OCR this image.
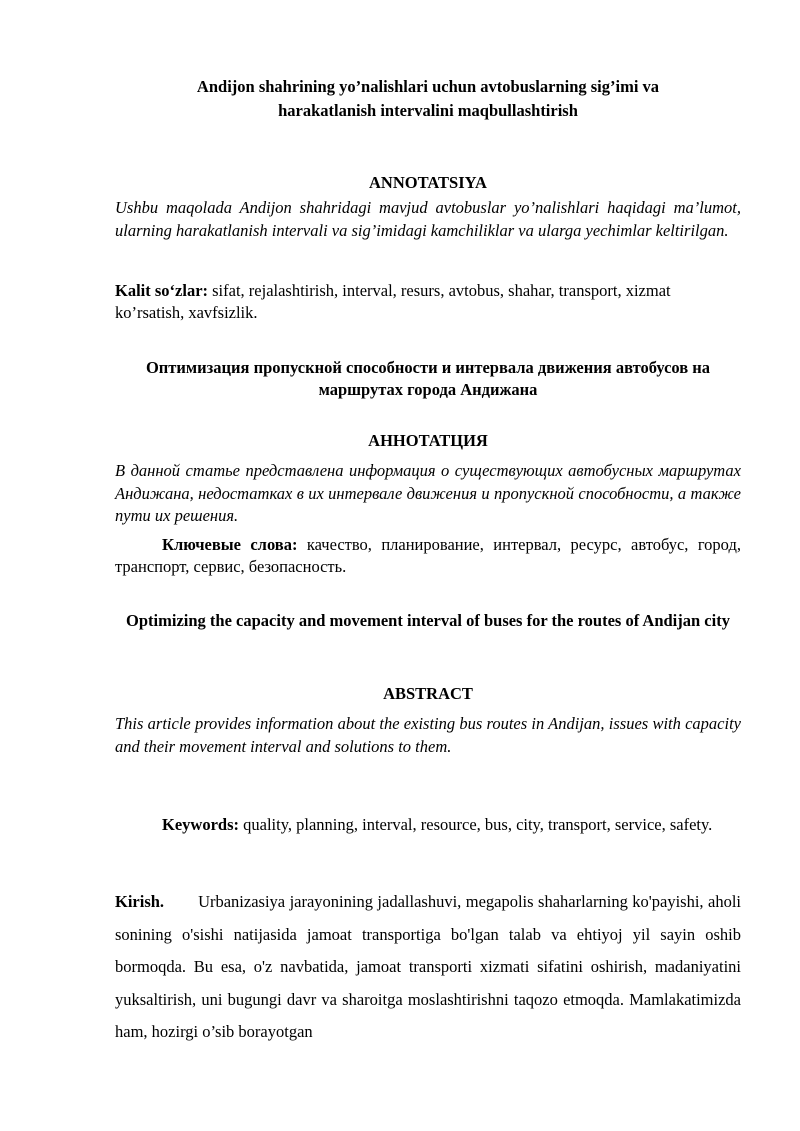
Andijon shahrining yo’nalishlari uchun avtobuslarning sig’imi va harakatlanish intervalini maqbullashtirish

ANNOTATSIYA

Ushbu maqolada Andijon shahridagi mavjud avtobuslar yo’nalishlari haqidagi ma’lumot, ularning harakatlanish intervali va sig’imidagi kamchiliklar va ularga yechimlar keltirilgan.

Kalit so‘zlar: sifat, rejalashtirish, interval, resurs, avtobus, shahar, transport, xizmat ko’rsatish, xavfsizlik.

Оптимизация пропускной способности и интервала движения автобусов на маршрутах города Андижана

АННОТАТЦИЯ

В данной статье представлена информация о существующих автобусных маршрутах Андижана, недостатках в их интервале движения и пропускной способности, а также пути их решения.

Ключевые слова: качество, планирование, интервал, ресурс, автобус, город, транспорт, сервис, безопасность.

Optimizing the capacity and movement interval of buses for the routes of Andijan city

ABSTRACT

This article provides information about the existing bus routes in Andijan, issues with capacity and their movement interval and solutions to them.

Keywords: quality, planning, interval, resource, bus, city, transport, service, safety.

Kirish. Urbanizasiya jarayonining jadallashuvi, megapolis shaharlarning ko'payishi, aholi sonining o'sishi natijasida jamoat transportiga bo'lgan talab va ehtiyoj yil sayin oshib bormoqda. Bu esa, o'z navbatida, jamoat transporti xizmati sifatini oshirish, madaniyatini yuksaltirish, uni bugungi davr va sharoitga moslashtirishni taqozo etmoqda. Mamlakatimizda ham, hozirgi o’sib borayotgan
